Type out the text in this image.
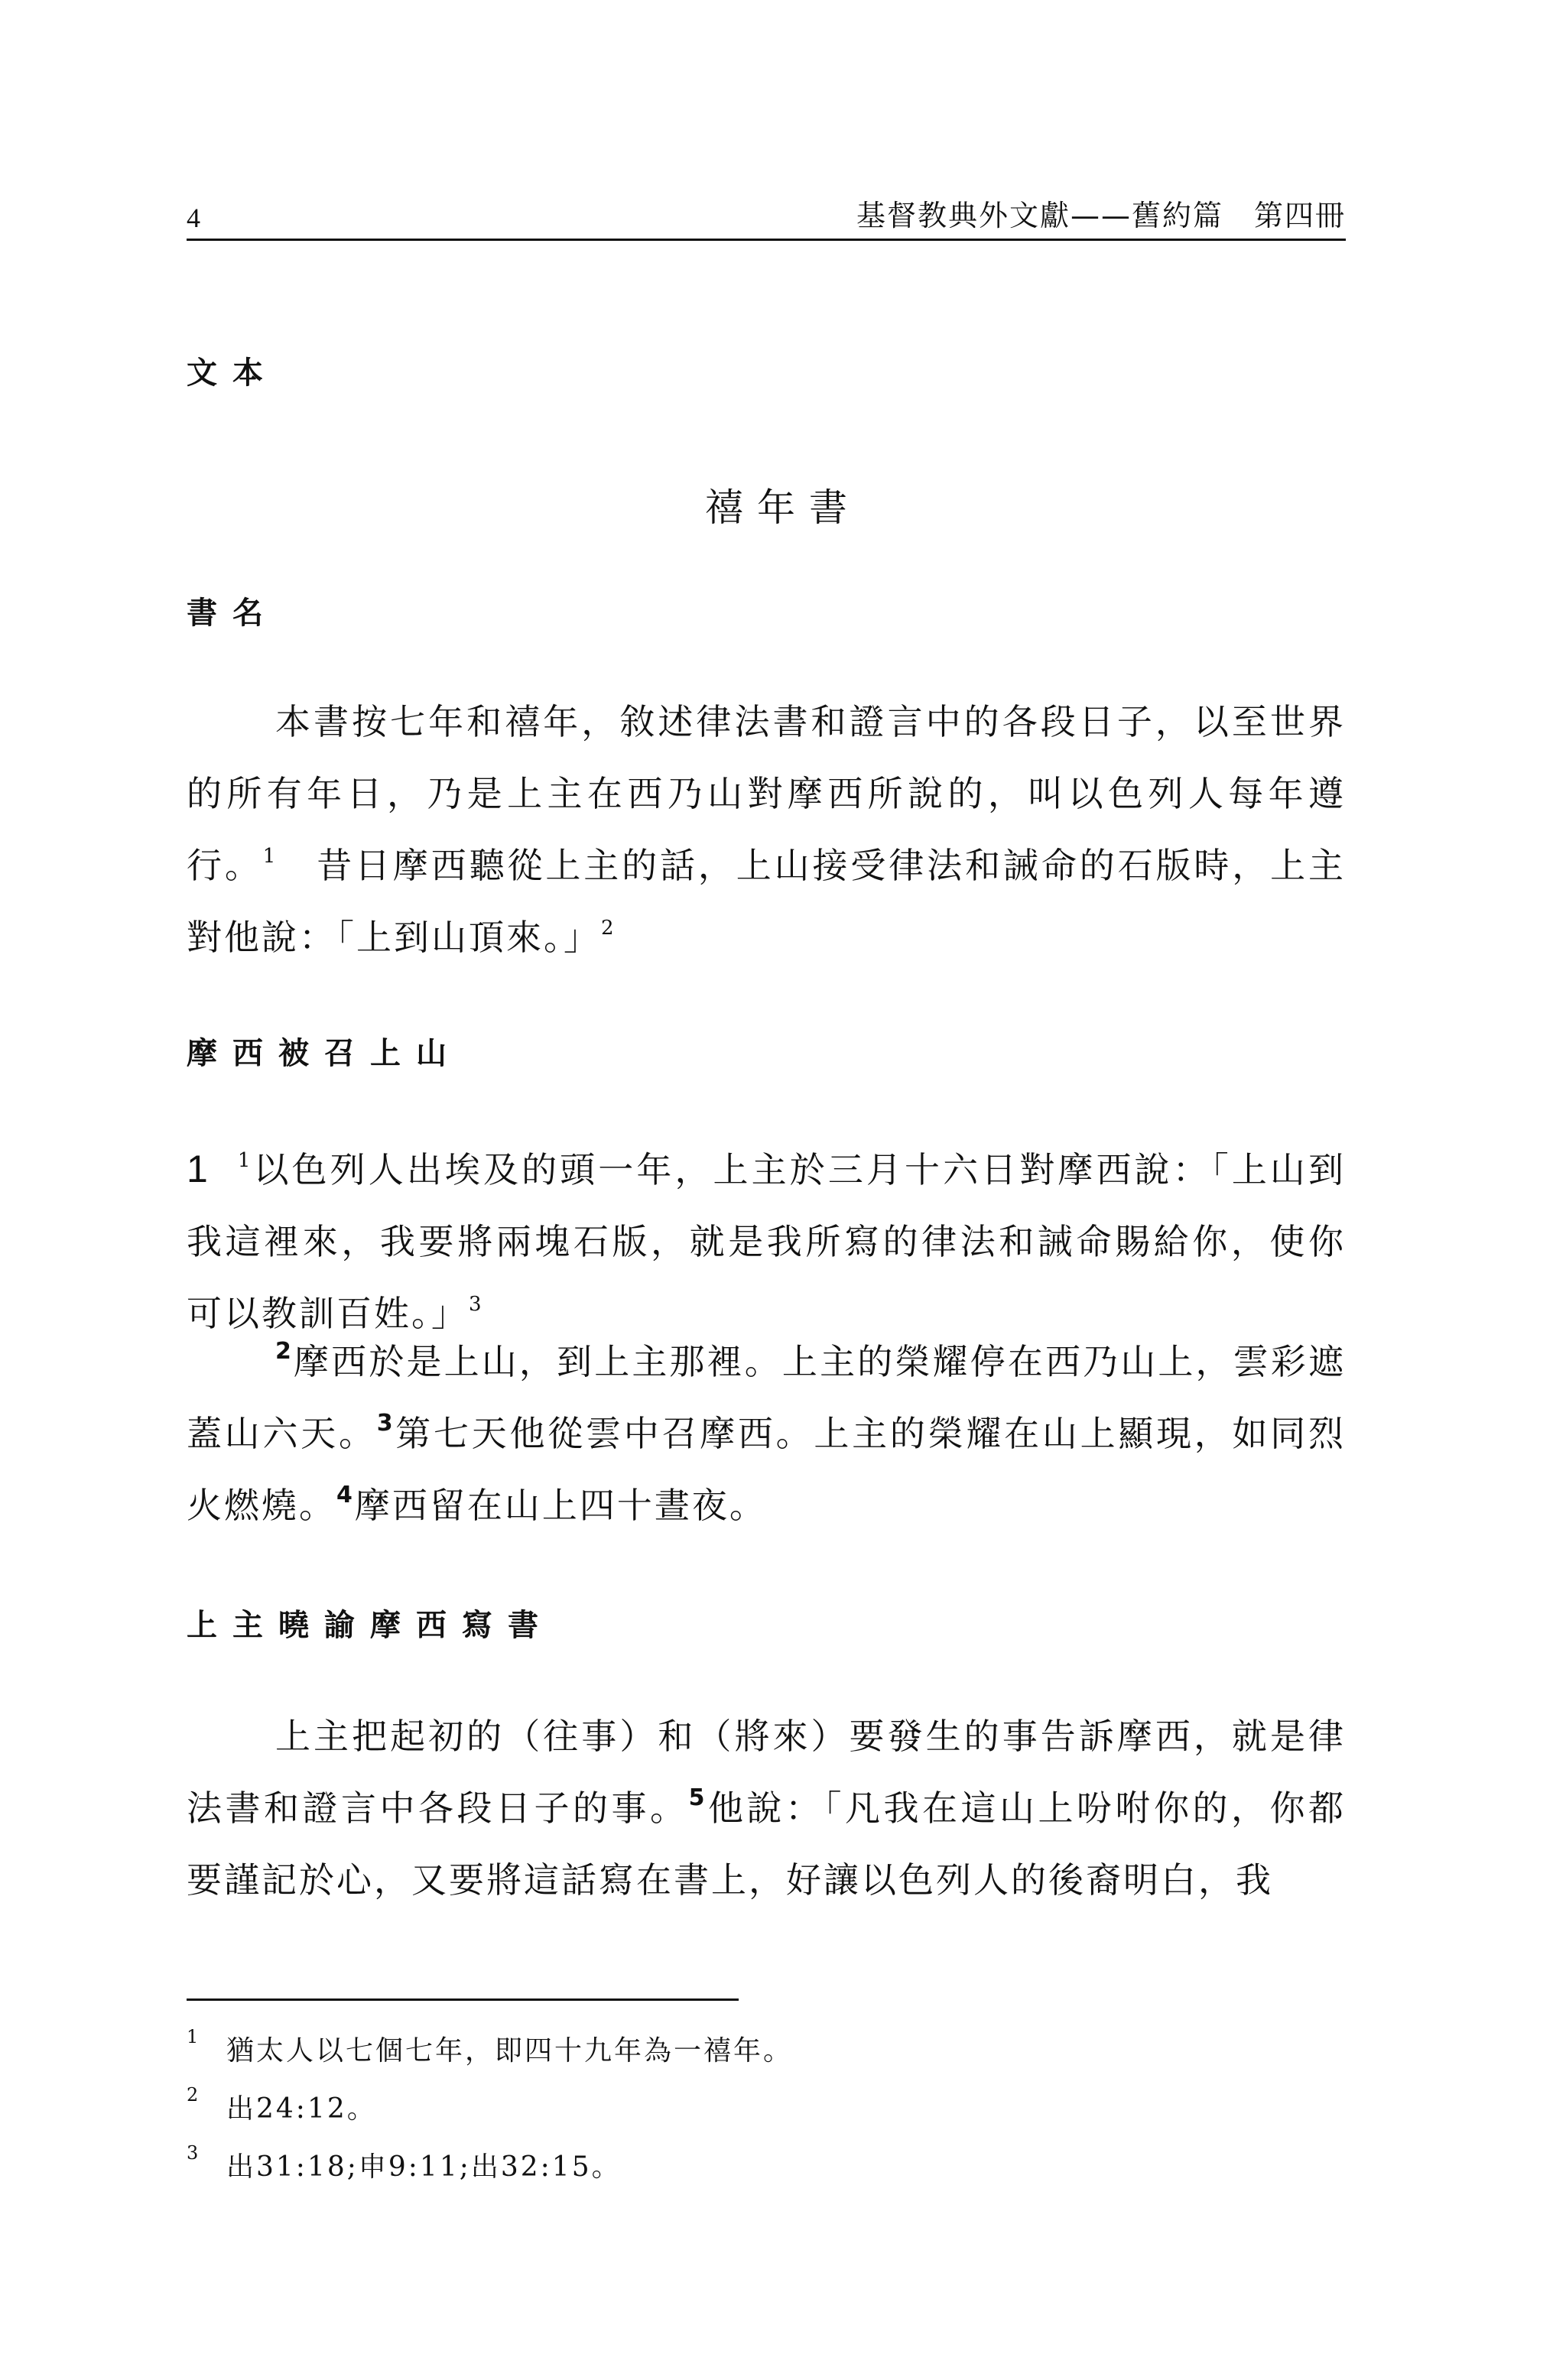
4	基督教典外文獻——舊約篇　第四冊
文本
禧年書
書名
本書按七年和禧年，敘述律法書和證言中的各段日子，以至世界的所有年日，乃是上主在西乃山對摩西所說的，叫以色列人每年遵行。$^1$　昔日摩西聽從上主的話，上山接受律法和誡命的石版時，上主對他說：「上到山頂來。」$^2$
摩西被召上山
1 $^1$以色列人出埃及的頭一年，上主於三月十六日對摩西說：「上山到我這裡來，我要將兩塊石版，就是我所寫的律法和誡命賜給你，使你可以教訓百姓。」$^3$
$^2$摩西於是上山，到上主那裡。上主的榮耀停在西乃山上，雲彩遮蓋山六天。$^3$第七天他從雲中召摩西。上主的榮耀在山上顯現，如同烈火燃燒。$^4$摩西留在山上四十晝夜。
上主曉諭摩西寫書
上主把起初的（往事）和（將來）要發生的事告訴摩西，就是律法書和證言中各段日子的事。$^5$他說：「凡我在這山上吩咐你的，你都要謹記於心，又要將這話寫在書上，好讓以色列人的後裔明白，我
1 猶太人以七個七年，即四十九年為一禧年。
2 出24:12。
3 出31:18;申9:11;出32:15。
